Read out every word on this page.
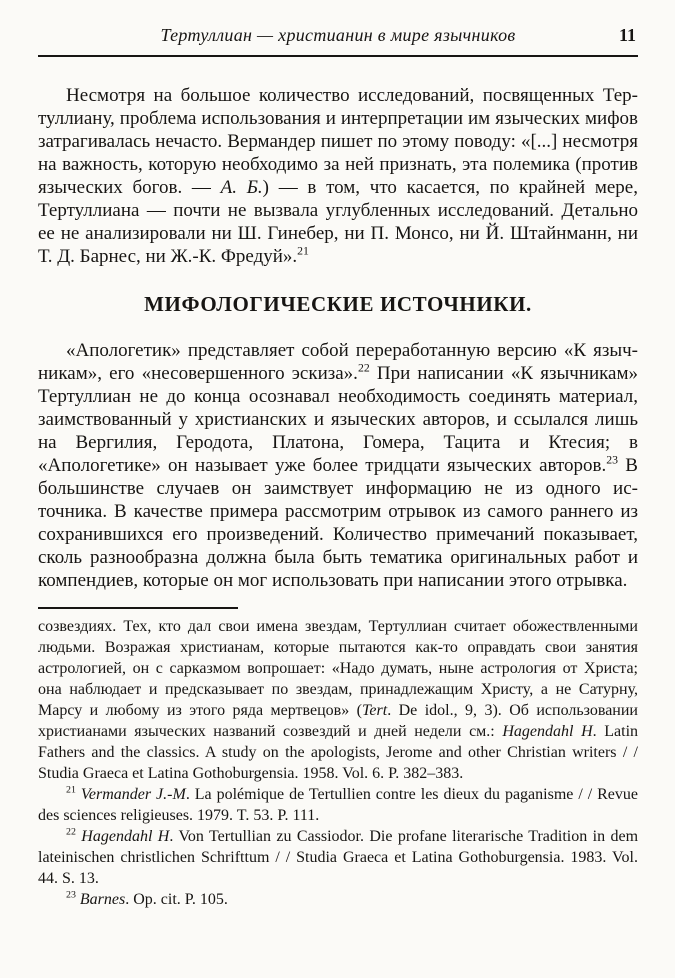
Тертуллиан — христианин в мире язычников	11

Несмотря на большое количество исследований, посвященных Тертуллиану, проблема использования и интерпретации им языческих мифов затрагивалась нечасто. Вермандер пишет по этому поводу: «[...] несмотря на важность, которую необходимо за ней признать, эта полемика (против языческих богов. — А. Б.) — в том, что касается, по крайней мере, Тертуллиана — почти не вызвала углубленных исследований. Детально ее не анализировали ни Ш. Гинебер, ни П. Монсо, ни Й. Штайнманн, ни Т. Д. Барнес, ни Ж.-К. Фредуй».$^{21}$

МИФОЛОГИЧЕСКИЕ ИСТОЧНИКИ.

«Апологетик» представляет собой переработанную версию «К язычникам», его «несовершенного эскиза».$^{22}$ При написании «К язычникам» Тертуллиан не до конца осознавал необходимость соединять материал, заимствованный у христианских и языческих авторов, и ссылался лишь на Вергилия, Геродота, Платона, Гомера, Тацита и Ктесия; в «Апологетике» он называет уже более тридцати языческих авторов.$^{23}$ В большинстве случаев он заимствует информацию не из одного источника. В качестве примера рассмотрим отрывок из самого раннего из сохранившихся его произведений. Количество примечаний показывает, сколь разнообразна должна была быть тематика оригинальных работ и компендиев, которые он мог использовать при написании этого отрывка.

созвездиях. Тех, кто дал свои имена звездам, Тертуллиан считает обожествленными людьми. Возражая христианам, которые пытаются как-то оправдать свои занятия астрологией, он с сарказмом вопрошает: «Надо думать, ныне астрология от Христа; она наблюдает и предсказывает по звездам, принадлежащим Христу, а не Сатурну, Марсу и любому из этого ряда мертвецов» (Tert. De idol., 9, 3). Об использовании христианами языческих названий созвездий и дней недели см.: Hagendahl H. Latin Fathers and the classics. A study on the apologists, Jerome and other Christian writers / / Studia Graeca et Latina Gothoburgensia. 1958. Vol. 6. P. 382–383.

$^{21}$ Vermander J.-M. La polémique de Tertullien contre les dieux du paganisme / / Revue des sciences religieuses. 1979. T. 53. P. 111.

$^{22}$ Hagendahl H. Von Tertullian zu Cassiodor. Die profane literarische Tradition in dem lateinischen christlichen Schrifttum / / Studia Graeca et Latina Gothoburgensia. 1983. Vol. 44. S. 13.

$^{23}$ Barnes. Op. cit. P. 105.
